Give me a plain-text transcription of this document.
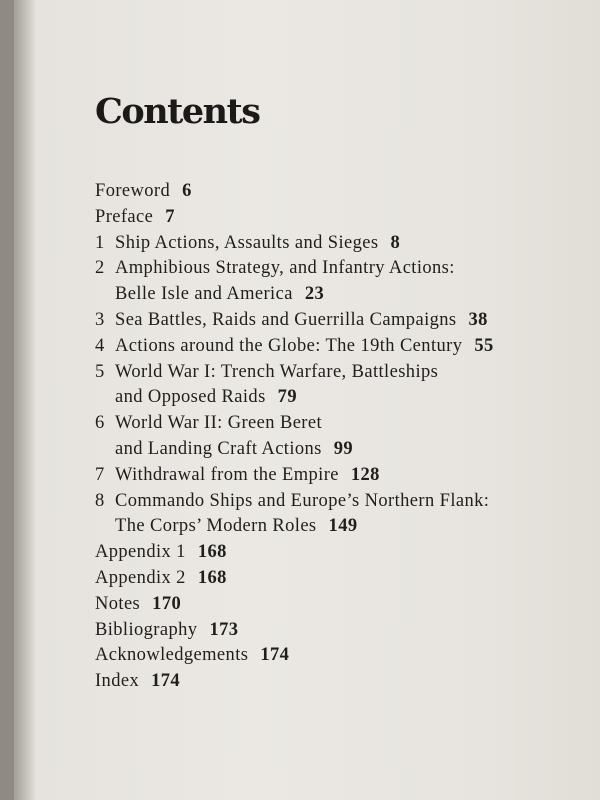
Contents
Foreword 6
Preface 7
1 Ship Actions, Assaults and Sieges 8
2 Amphibious Strategy, and Infantry Actions:
Belle Isle and America 23
3 Sea Battles, Raids and Guerrilla Campaigns 38
4 Actions around the Globe: The 19th Century 55
5 World War I: Trench Warfare, Battleships
and Opposed Raids 79
6 World War II: Green Beret
and Landing Craft Actions 99
7 Withdrawal from the Empire 128
8 Commando Ships and Europe’s Northern Flank:
The Corps’ Modern Roles 149
Appendix 1 168
Appendix 2 168
Notes 170
Bibliography 173
Acknowledgements 174
Index 174
